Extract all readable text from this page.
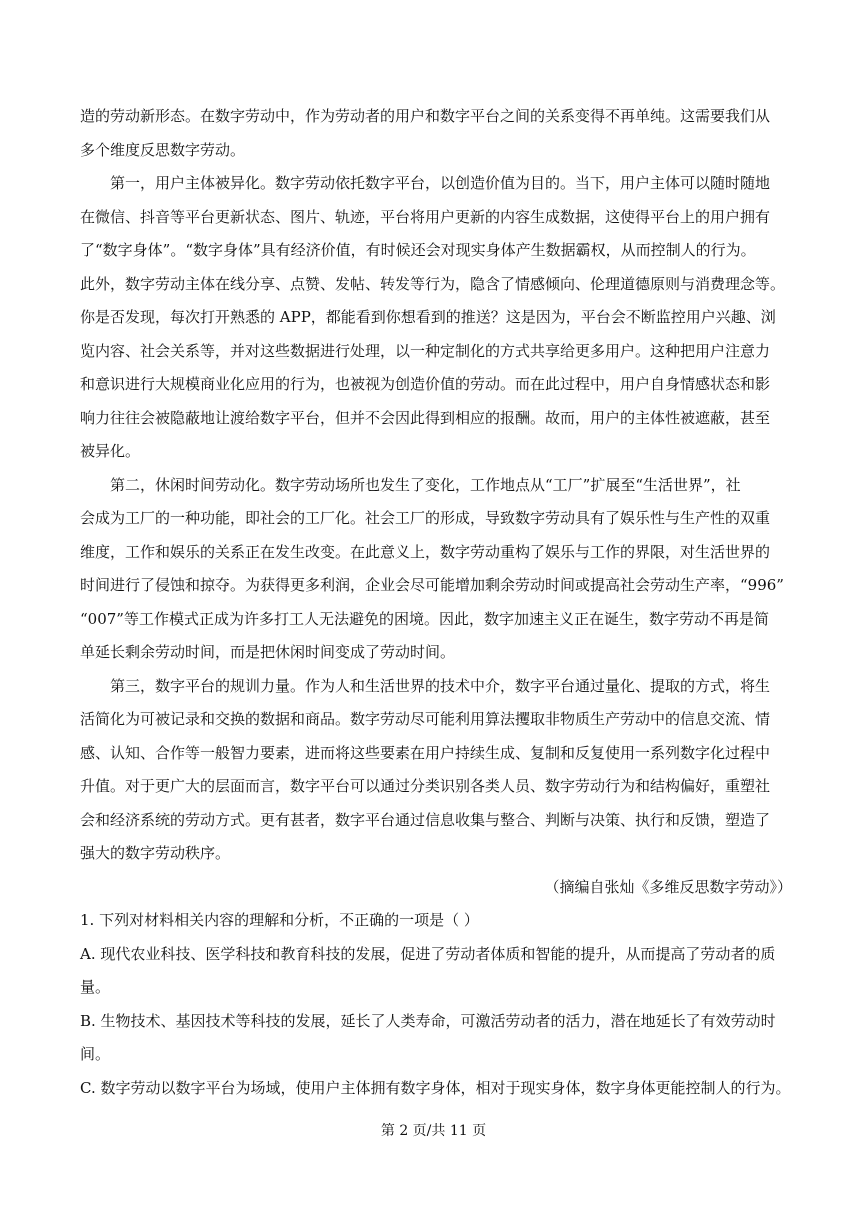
造的劳动新形态。在数字劳动中，作为劳动者的用户和数字平台之间的关系变得不再单纯。这需要我们从
多个维度反思数字劳动。
第一，用户主体被异化。数字劳动依托数字平台，以创造价值为目的。当下，用户主体可以随时随地
在微信、抖音等平台更新状态、图片、轨迹，平台将用户更新的内容生成数据，这使得平台上的用户拥有
了“数字身体”。“数字身体”具有经济价值，有时候还会对现实身体产生数据霸权，从而控制人的行为。
此外，数字劳动主体在线分享、点赞、发帖、转发等行为，隐含了情感倾向、伦理道德原则与消费理念等。
你是否发现，每次打开熟悉的 APP，都能看到你想看到的推送？这是因为，平台会不断监控用户兴趣、浏
览内容、社会关系等，并对这些数据进行处理，以一种定制化的方式共享给更多用户。这种把用户注意力
和意识进行大规模商业化应用的行为，也被视为创造价值的劳动。而在此过程中，用户自身情感状态和影
响力往往会被隐蔽地让渡给数字平台，但并不会因此得到相应的报酬。故而，用户的主体性被遮蔽，甚至
被异化。
第二，休闲时间劳动化。数字劳动场所也发生了变化，工作地点从“工厂”扩展至“生活世界”，社
会成为工厂的一种功能，即社会的工厂化。社会工厂的形成，导致数字劳动具有了娱乐性与生产性的双重
维度，工作和娱乐的关系正在发生改变。在此意义上，数字劳动重构了娱乐与工作的界限，对生活世界的
时间进行了侵蚀和掠夺。为获得更多利润，企业会尽可能增加剩余劳动时间或提高社会劳动生产率，“996”
“007”等工作模式正成为许多打工人无法避免的困境。因此，数字加速主义正在诞生，数字劳动不再是简
单延长剩余劳动时间，而是把休闲时间变成了劳动时间。
第三，数字平台的规训力量。作为人和生活世界的技术中介，数字平台通过量化、提取的方式，将生
活简化为可被记录和交换的数据和商品。数字劳动尽可能利用算法攫取非物质生产劳动中的信息交流、情
感、认知、合作等一般智力要素，进而将这些要素在用户持续生成、复制和反复使用一系列数字化过程中
升值。对于更广大的层面而言，数字平台可以通过分类识别各类人员、数字劳动行为和结构偏好，重塑社
会和经济系统的劳动方式。更有甚者，数字平台通过信息收集与整合、判断与决策、执行和反馈，塑造了
强大的数字劳动秩序。
（摘编自张灿《多维反思数字劳动》）
1. 下列对材料相关内容的理解和分析，不正确的一项是（ ）
A. 现代农业科技、医学科技和教育科技的发展，促进了劳动者体质和智能的提升，从而提高了劳动者的质
量。
B. 生物技术、基因技术等科技的发展，延长了人类寿命，可激活劳动者的活力，潜在地延长了有效劳动时
间。
C. 数字劳动以数字平台为场域，使用户主体拥有数字身体，相对于现实身体，数字身体更能控制人的行为。
第 2 页/共 11 页
